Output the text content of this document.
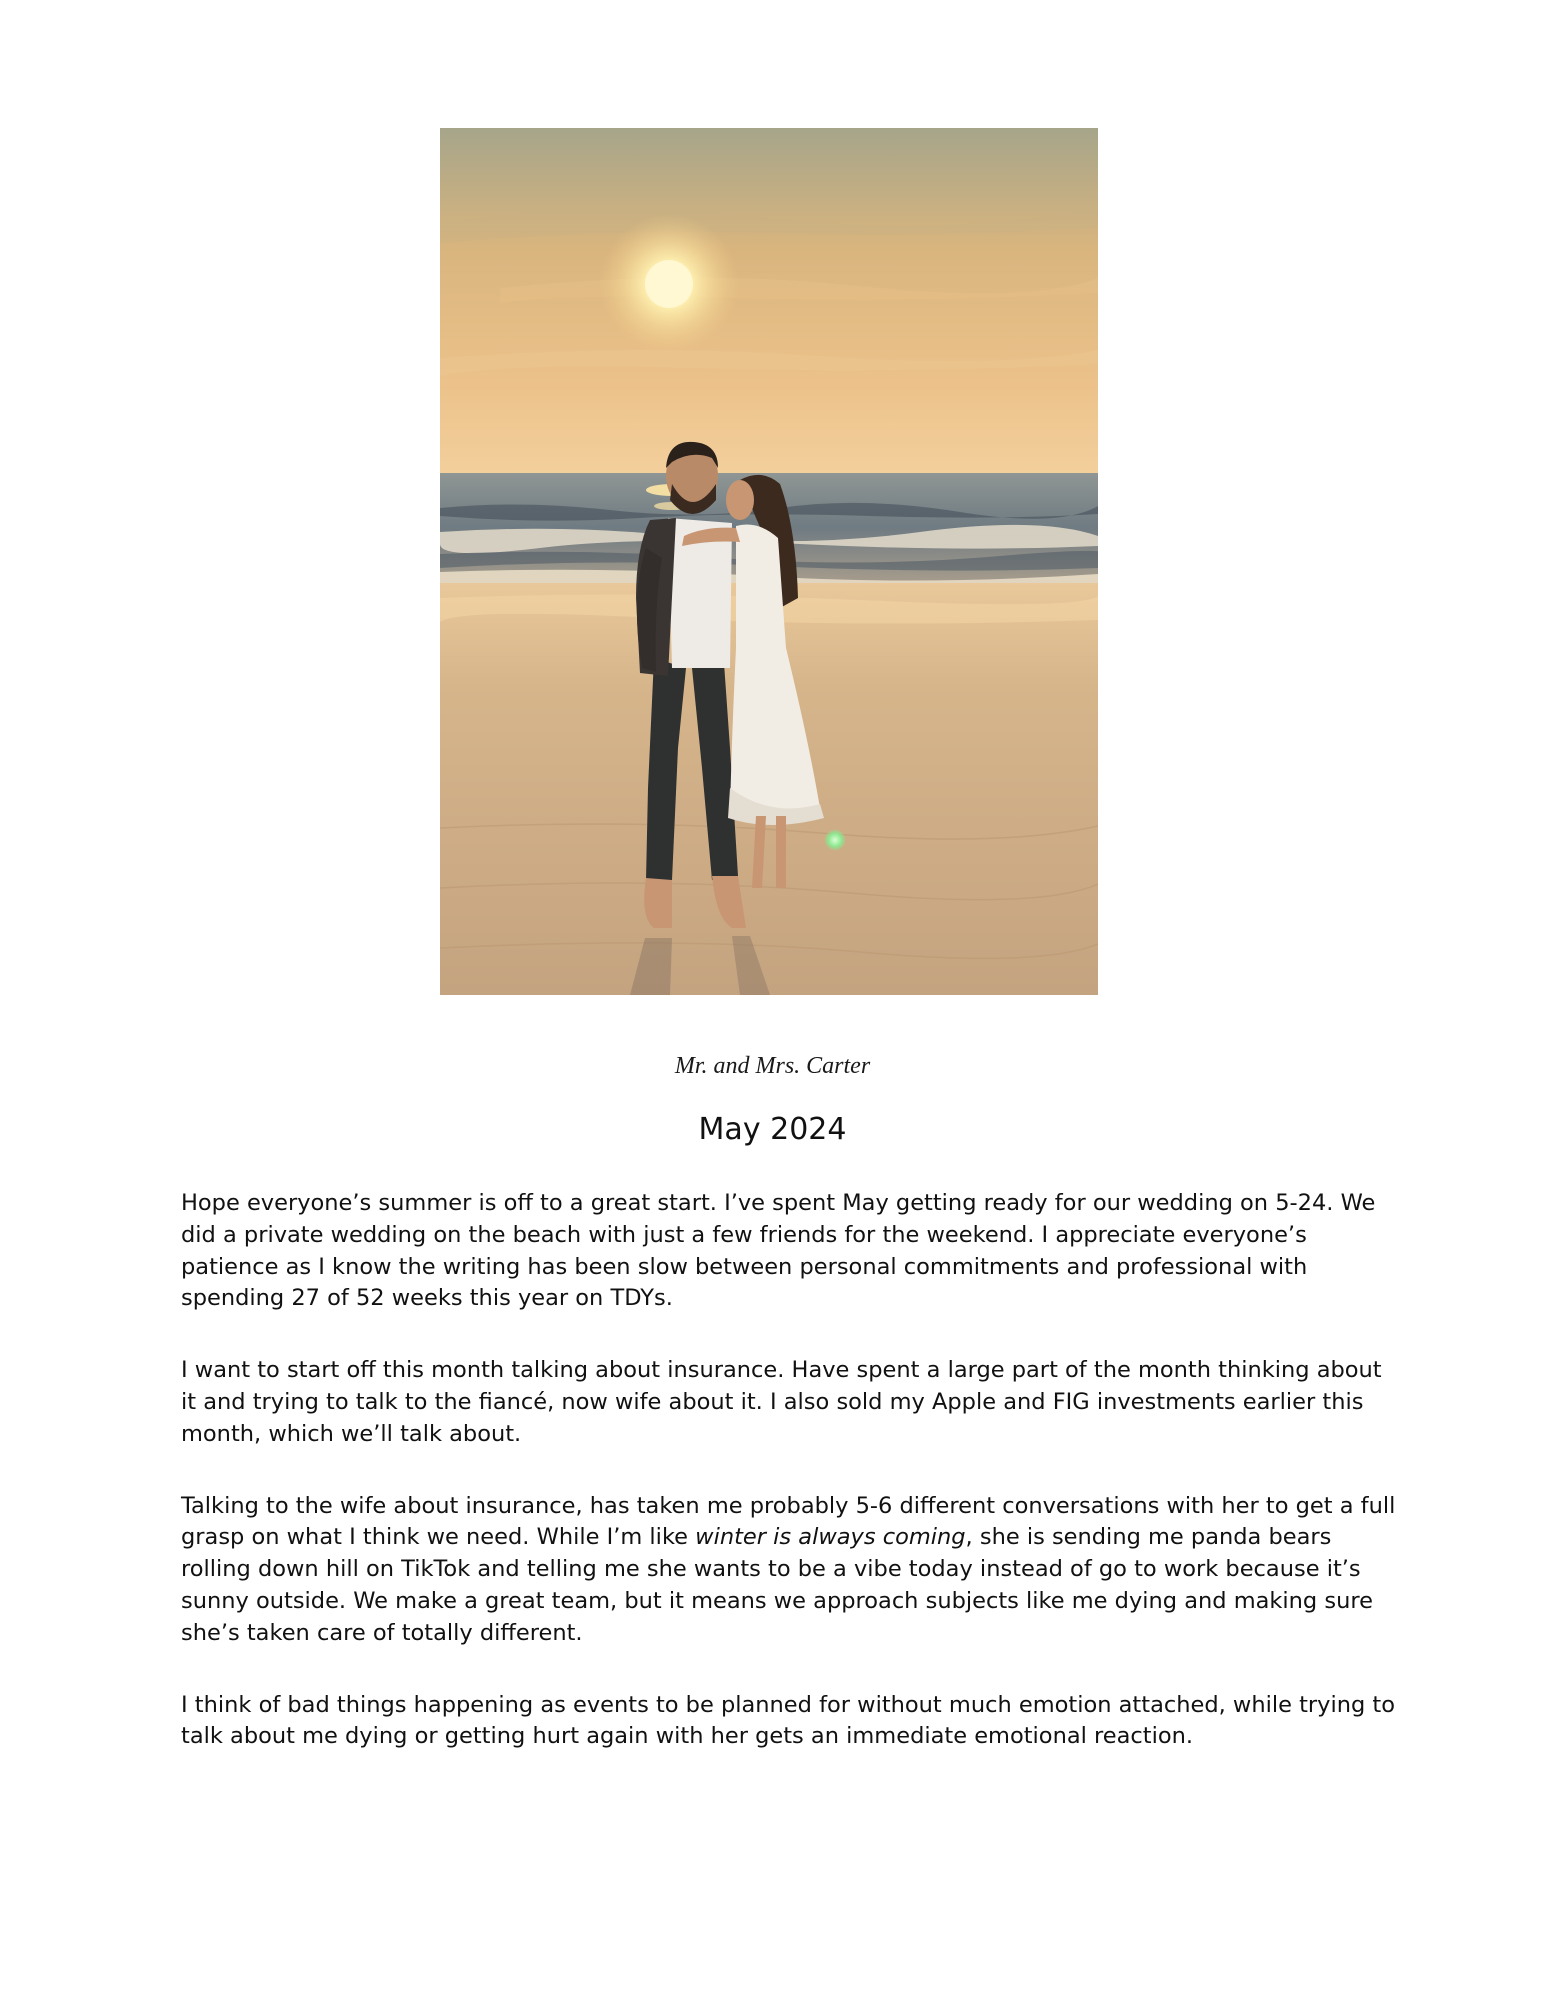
Mr. and Mrs. Carter
May 2024

Hope everyone’s summer is off to a great start. I’ve spent May getting ready for our wedding on 5-24. We did a private wedding on the beach with just a few friends for the weekend. I appreciate everyone’s patience as I know the writing has been slow between personal commitments and professional with spending 27 of 52 weeks this year on TDYs.

I want to start off this month talking about insurance. Have spent a large part of the month thinking about it and trying to talk to the fiancé, now wife about it. I also sold my Apple and FIG investments earlier this month, which we’ll talk about.

Talking to the wife about insurance, has taken me probably 5-6 different conversations with her to get a full grasp on what I think we need. While I’m like winter is always coming, she is sending me panda bears rolling down hill on TikTok and telling me she wants to be a vibe today instead of go to work because it’s sunny outside. We make a great team, but it means we approach subjects like me dying and making sure she’s taken care of totally different.

I think of bad things happening as events to be planned for without much emotion attached, while trying to talk about me dying or getting hurt again with her gets an immediate emotional reaction.
